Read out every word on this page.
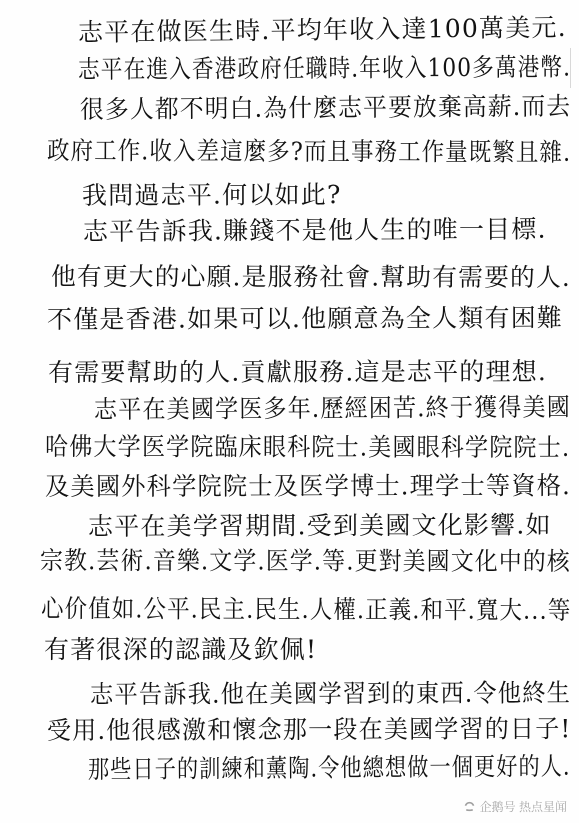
志平在做医生時.平均年收入達100萬美元.
志平在進入香港政府任職時.年收入100多萬港幣.
很多人都不明白.為什麼志平要放棄高薪.而去
政府工作.收入差這麼多?而且事務工作量既繁且雜.
我問過志平.何以如此?
志平告訴我.賺錢不是他人生的唯一目標.
他有更大的心願.是服務社會.幫助有需要的人.
不僅是香港.如果可以.他願意為全人類有困難
有需要幫助的人.貢獻服務.這是志平的理想.
志平在美國学医多年.歷經困苦.終于獲得美國
哈佛大学医学院臨床眼科院士.美國眼科学院院士.
及美國外科学院院士及医学博士.理学士等資格.
志平在美学習期間.受到美國文化影響.如
宗教.芸術.音樂.文学.医学.等.更對美國文化中的核
心价值如.公平.民主.民生.人權.正義.和平.寬大...等
有著很深的認識及欽佩!
志平告訴我.他在美國学習到的東西.令他終生
受用.他很感激和懷念那一段在美國学習的日子!
那些日子的訓練和薰陶.令他總想做一個更好的人.
企鹅号 热点星闻
